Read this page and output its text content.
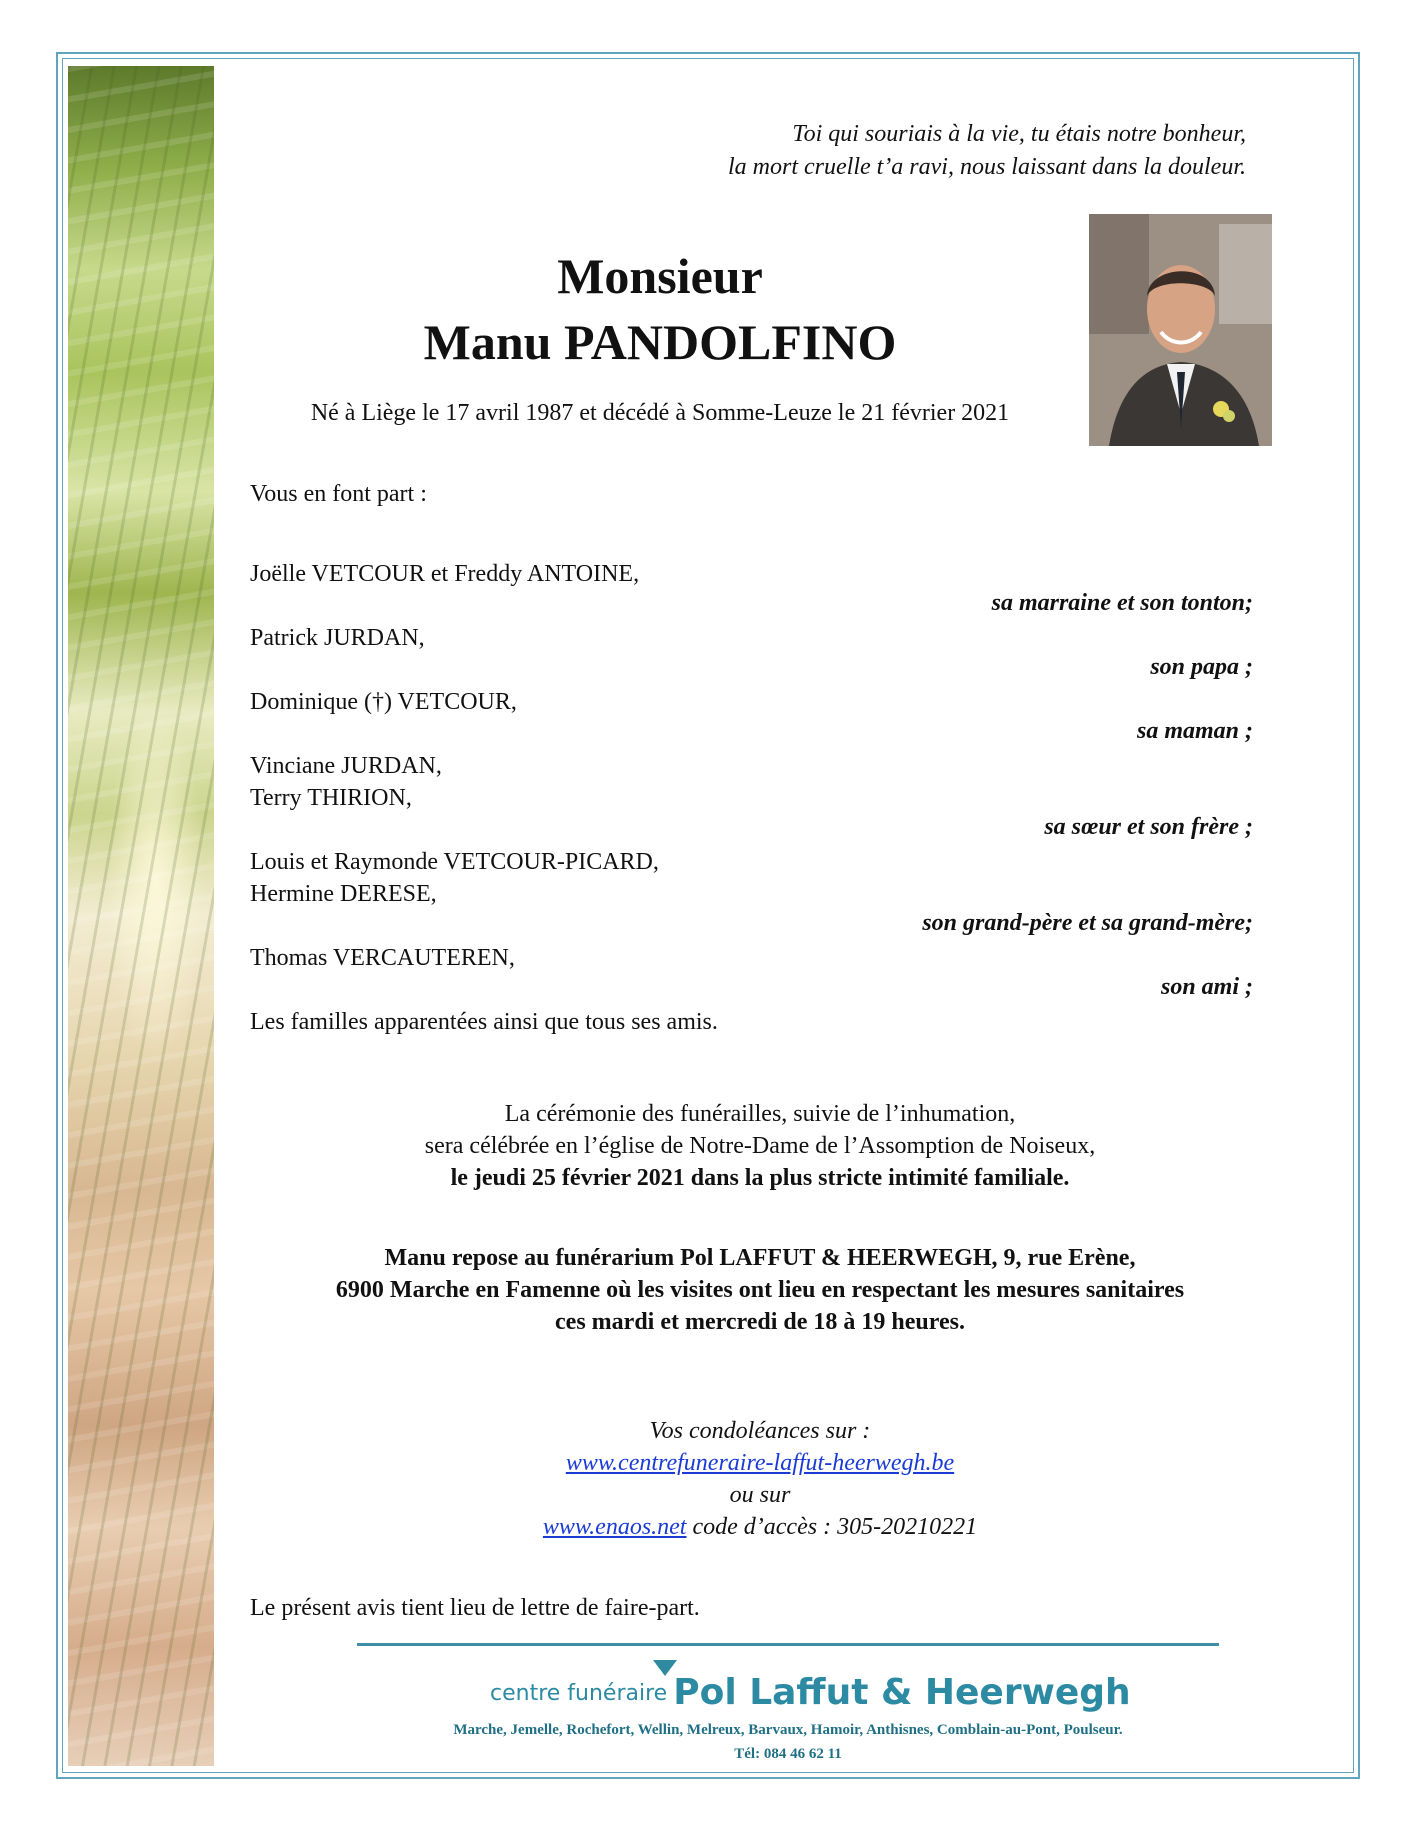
Toi qui souriais à la vie, tu étais notre bonheur,
la mort cruelle t’a ravi, nous laissant dans la douleur.
Monsieur
Manu PANDOLFINO
Né à Liège le 17 avril 1987 et décédé à Somme-Leuze le 21 février 2021
Vous en font part :
Joëlle VETCOUR et Freddy ANTOINE,
sa marraine et son tonton;
Patrick JURDAN,
son papa ;
Dominique (†) VETCOUR,
sa maman ;
Vinciane JURDAN,
Terry THIRION,
sa sœur et son frère ;
Louis et Raymonde VETCOUR-PICARD,
Hermine DERESE,
son grand-père et sa grand-mère;
Thomas VERCAUTEREN,
son ami ;
Les familles apparentées ainsi que tous ses amis.
La cérémonie des funérailles, suivie de l’inhumation,
sera célébrée en l’église de Notre-Dame de l’Assomption de Noiseux,
le jeudi 25 février 2021 dans la plus stricte intimité familiale.
Manu repose au funérarium Pol LAFFUT & HEERWEGH, 9, rue Erène,
6900 Marche en Famenne où les visites ont lieu en respectant les mesures sanitaires
ces mardi et mercredi de 18 à 19 heures.
Vos condoléances sur :
www.centrefuneraire-laffut-heerwegh.be
ou sur
www.enaos.net code d’accès : 305-20210221
Le présent avis tient lieu de lettre de faire-part.
centre funéraire Pol Laffut & Heerwegh
Marche, Jemelle, Rochefort, Wellin, Melreux, Barvaux, Hamoir, Anthisnes, Comblain-au-Pont, Poulseur.
Tél: 084 46 62 11
